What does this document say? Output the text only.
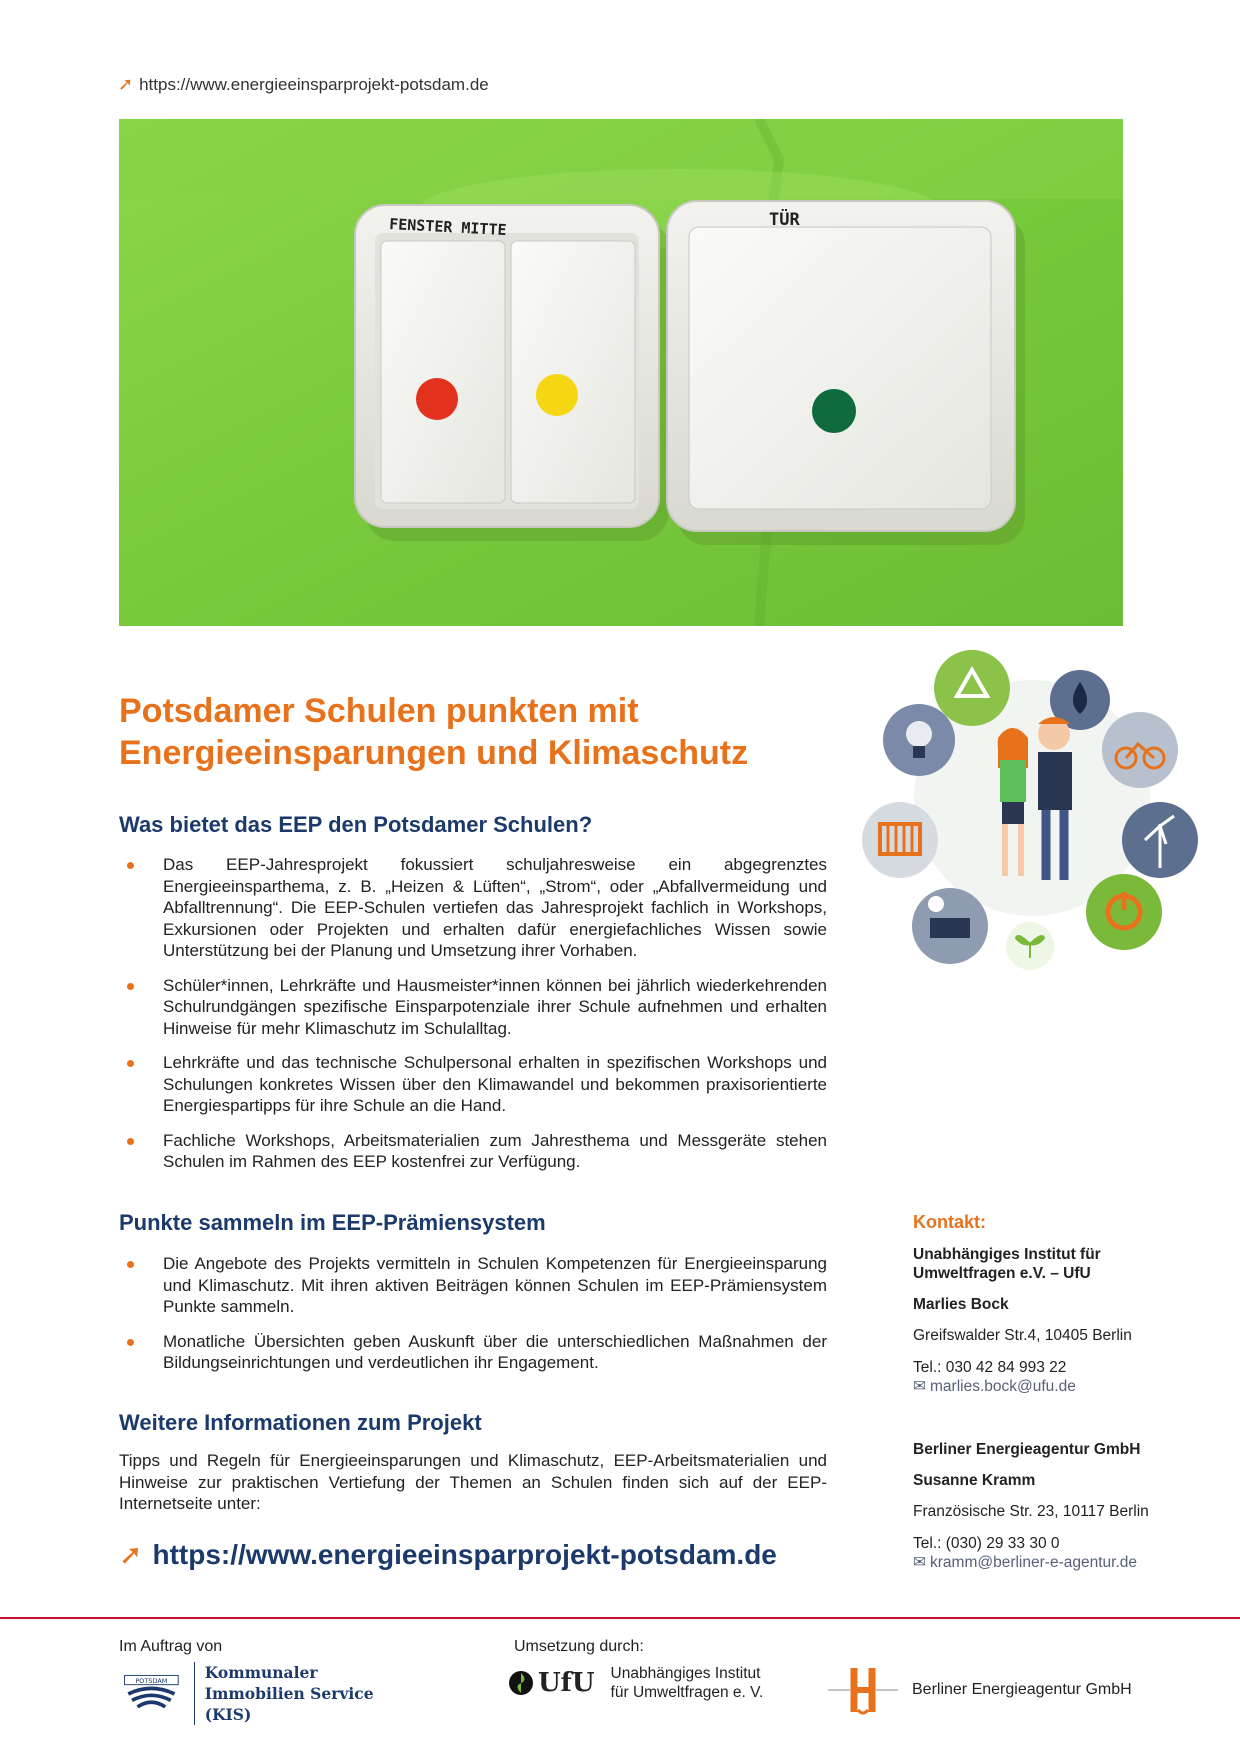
➚ https://www.energieeinsparprojekt-potsdam.de
FENSTER MITTE	TÜR
Potsdamer Schulen punkten mit
Energieeinsparungen und Klimaschutz
Was bietet das EEP den Potsdamer Schulen?
Das EEP-Jahresprojekt fokussiert schuljahresweise ein abgegrenztes Energieeinsparthema, z. B. „Heizen & Lüften“, „Strom“, oder „Abfallvermeidung und Abfalltrennung“. Die EEP-Schulen vertiefen das Jahresprojekt fachlich in Workshops, Exkursionen oder Projekten und erhalten dafür energiefachliches Wissen sowie Unterstützung bei der Planung und Umsetzung ihrer Vorhaben.
Schüler*innen, Lehrkräfte und Hausmeister*innen können bei jährlich wiederkehrenden Schulrundgängen spezifische Einsparpotenziale ihrer Schule aufnehmen und erhalten Hinweise für mehr Klimaschutz im Schulalltag.
Lehrkräfte und das technische Schulpersonal erhalten in spezifischen Workshops und Schulungen konkretes Wissen über den Klimawandel und bekommen praxisorientierte Energiespartipps für ihre Schule an die Hand.
Fachliche Workshops, Arbeitsmaterialien zum Jahresthema und Messgeräte stehen Schulen im Rahmen des EEP kostenfrei zur Verfügung.
Punkte sammeln im EEP-Prämiensystem
Die Angebote des Projekts vermitteln in Schulen Kompetenzen für Energieeinsparung und Klimaschutz. Mit ihren aktiven Beiträgen können Schulen im EEP-Prämiensystem Punkte sammeln.
Monatliche Übersichten geben Auskunft über die unterschiedlichen Maßnahmen der Bildungseinrichtungen und verdeutlichen ihr Engagement.
Weitere Informationen zum Projekt
Tipps und Regeln für Energieeinsparungen und Klimaschutz, EEP-Arbeitsmaterialien und Hinweise zur praktischen Vertiefung der Themen an Schulen finden sich auf der EEP-Internetseite unter:
➚ https://www.energieeinsparprojekt-potsdam.de
Kontakt:
Unabhängiges Institut für
Umweltfragen e.V. – UfU
Marlies Bock
Greifswalder Str.4, 10405 Berlin
Tel.: 030 42 84 993 22
✉ marlies.bock@ufu.de
Berliner Energieagentur GmbH
Susanne Kramm
Französische Str. 23, 10117 Berlin
Tel.: (030) 29 33 30 0
✉ kramm@berliner-e-agentur.de
Im Auftrag von	Umsetzung durch:
POTSDAM Kommunaler
Immobilien Service (KIS)
UfU Unabhängiges Institut
für Umweltfragen e. V.	Berliner Energieagentur GmbH
